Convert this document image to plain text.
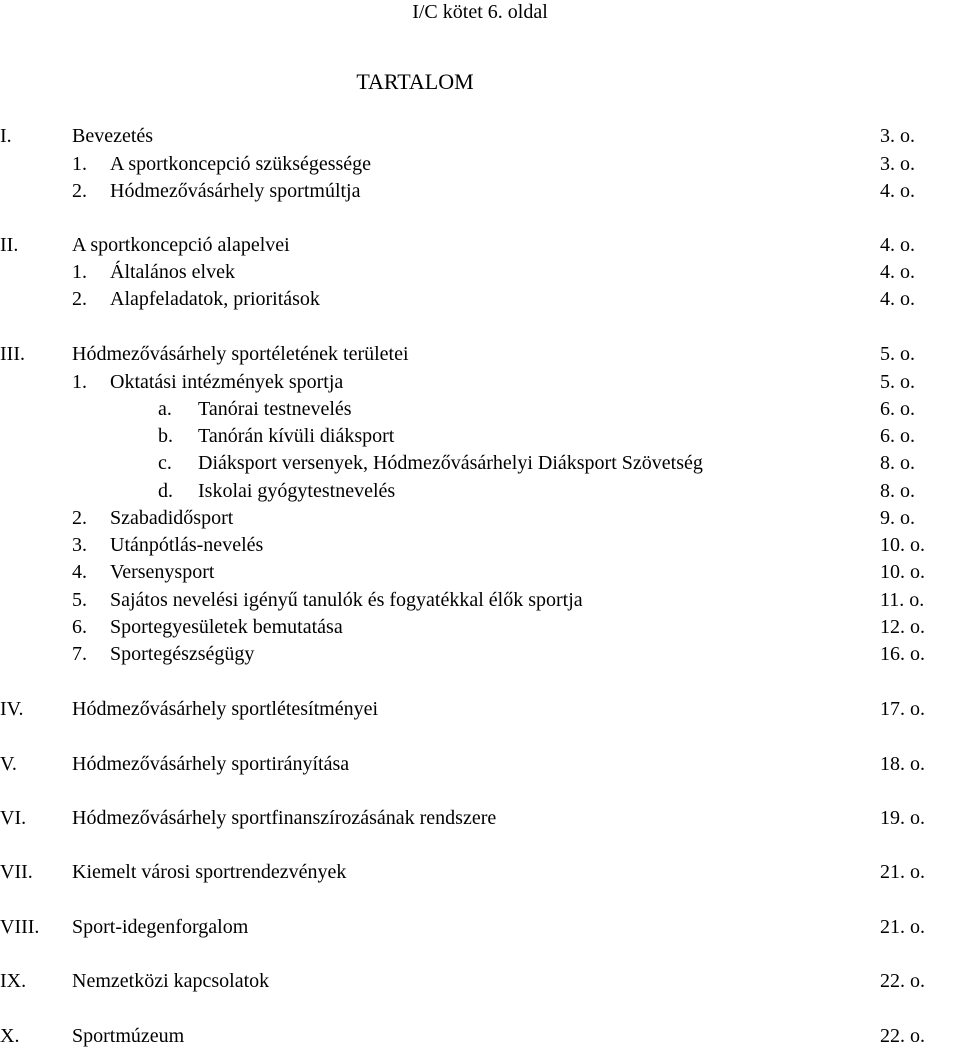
I/C kötet 6. oldal
TARTALOM
I.	Bevezetés	3. o.
1. A sportkoncepció szükségessége	3. o.
2. Hódmezővásárhely sportmúltja	4. o.
II.	A sportkoncepció alapelvei	4. o.
1. Általános elvek	4. o.
2. Alapfeladatok, prioritások	4. o.
III. Hódmezővásárhely sportéletének területei	5. o.
1. Oktatási intézmények sportja	5. o.
a. Tanórai testnevelés	6. o.
b. Tanórán kívüli diáksport	6. o.
c. Diáksport versenyek, Hódmezővásárhelyi Diáksport Szövetség	8. o.
d. Iskolai gyógytestnevelés	8. o.
2. Szabadidősport	9. o.
3. Utánpótlás-nevelés	10. o.
4. Versenysport	10. o.
5. Sajátos nevelési igényű tanulók és fogyatékkal élők sportja	11. o.
6. Sportegyesületek bemutatása	12. o.
7. Sportegészségügy	16. o.
IV. Hódmezővásárhely sportlétesítményei	17. o.
V.	Hódmezővásárhely sportirányítása	18. o.
VI. Hódmezővásárhely sportfinanszírozásának rendszere	19. o.
VII. Kiemelt városi sportrendezvények	21. o.
VIII. Sport-idegenforgalom	21. o.
IX. Nemzetközi kapcsolatok	22. o.
X.	Sportmúzeum	22. o.
